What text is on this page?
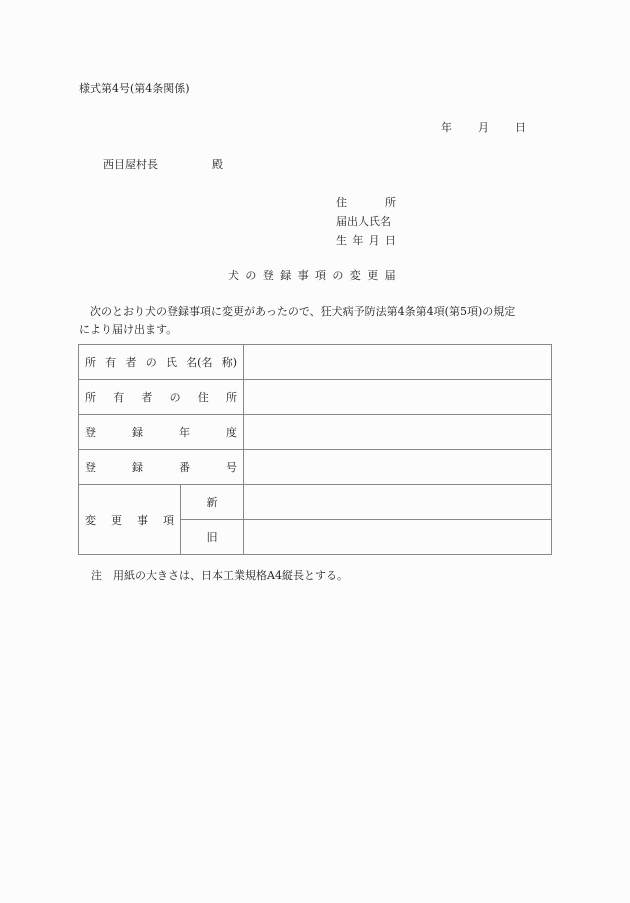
様式第4号(第4条関係)
年 月 日
西目屋村長	殿
住	所
届出人氏名
生 年 月 日
犬の登録事項の変更届
次のとおり犬の登録事項に変更があったので、狂犬病予防法第4条第4項(第5項)の規定
により届け出ます。
所 有 者 の 氏 名(名 称)

所 有 者 の 住 所

登 録 年 度		

登 録 番 号		

変 更 事 項	新	
	旧	
注　用紙の大きさは、日本工業規格A4縦長とする。
